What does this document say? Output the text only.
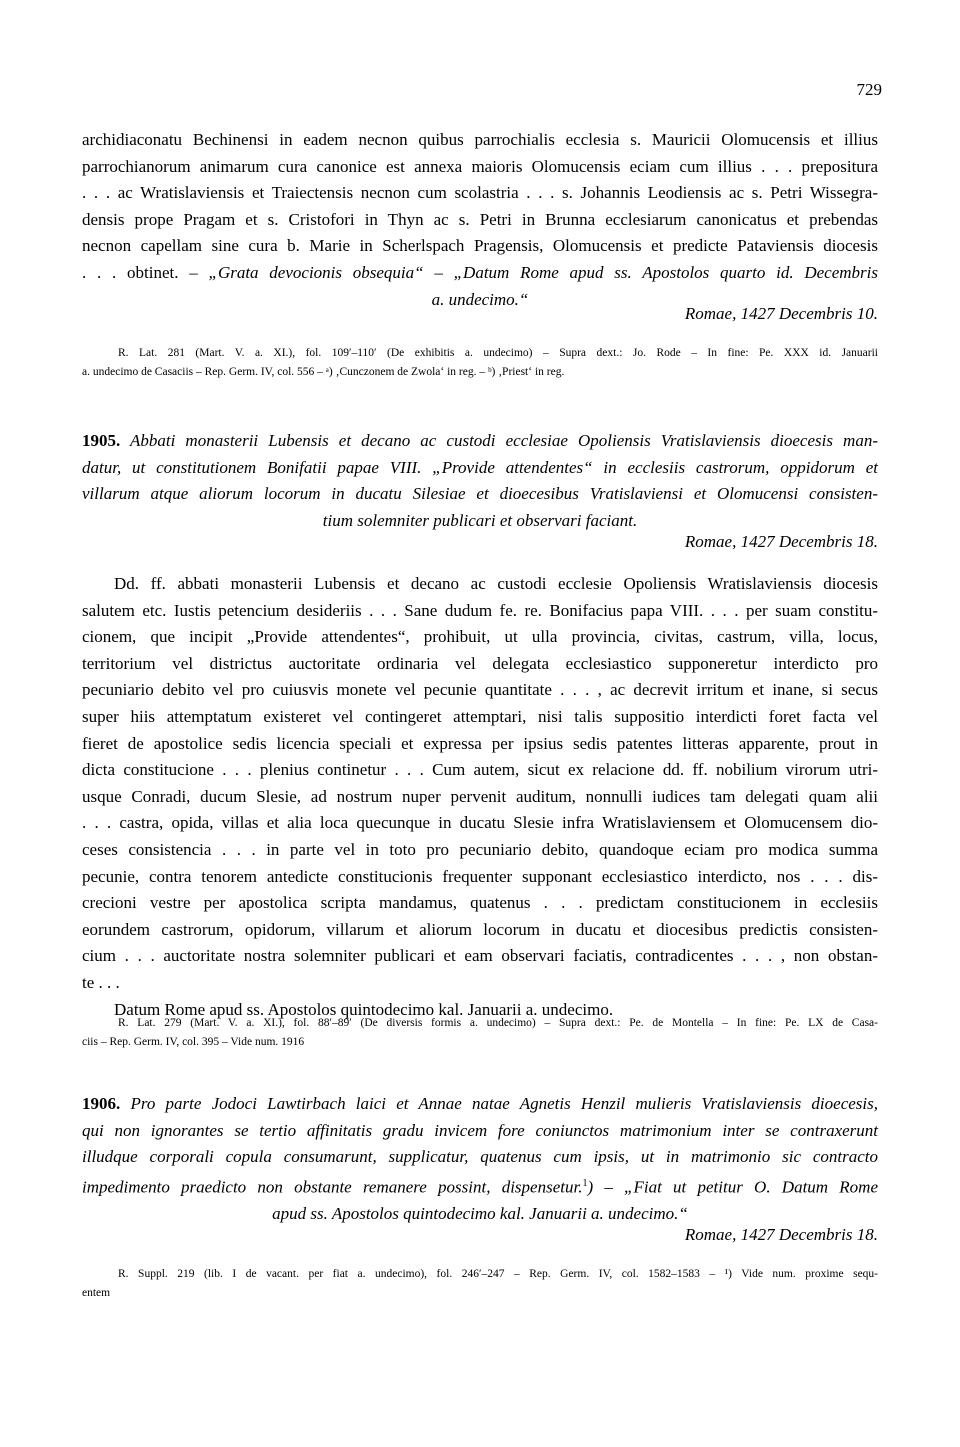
729

archidiaconatu Bechinensi in eadem necnon quibus parrochialis ecclesia s. Mauricii Olomucensis et illius
parrochianorum animarum cura canonice est annexa maioris Olomucensis eciam cum illius . . . prepositura
. . . ac Wratislaviensis et Traiectensis necnon cum scolastria . . . s. Johannis Leodiensis ac s. Petri Wissegra-
densis prope Pragam et s. Cristofori in Thyn ac s. Petri in Brunna ecclesiarum canonicatus et prebendas
necnon capellam sine cura b. Marie in Scherlspach Pragensis, Olomucensis et predicte Pataviensis diocesis
. . . obtinet. – „Grata devocionis obsequia“ – „Datum Rome apud ss. Apostolos quarto id. Decembris
a. undecimo.“

Romae, 1427 Decembris 10.

R. Lat. 281 (Mart. V. a. XI.), fol. 109′–110′ (De exhibitis a. undecimo) – Supra dext.: Jo. Rode – In fine: Pe. XXX id. Januarii
a. undecimo de Casaciis – Rep. Germ. IV, col. 556 – ᵃ) ‚Cunczonem de Zwola‘ in reg. – ᵇ) ‚Priest‘ in reg.

1905. Abbati monasterii Lubensis et decano ac custodi ecclesiae Opoliensis Vratislaviensis dioecesis man-
datur, ut constitutionem Bonifatii papae VIII. „Provide attendentes“ in ecclesiis castrorum, oppidorum et
villarum atque aliorum locorum in ducatu Silesiae et dioecesibus Vratislaviensi et Olomucensi consisten-
tium solemniter publicari et observari faciant.

Romae, 1427 Decembris 18.

Dd. ff. abbati monasterii Lubensis et decano ac custodi ecclesie Opoliensis Wratislaviensis diocesis
salutem etc. Iustis petencium desideriis . . . Sane dudum fe. re. Bonifacius papa VIII. . . . per suam constitu-
cionem, que incipit „Provide attendentes“, prohibuit, ut ulla provincia, civitas, castrum, villa, locus,
territorium vel districtus auctoritate ordinaria vel delegata ecclesiastico supponeretur interdicto pro
pecuniario debito vel pro cuiusvis monete vel pecunie quantitate . . . , ac decrevit irritum et inane, si secus
super hiis attemptatum existeret vel contingeret attemptari, nisi talis suppositio interdicti foret facta vel
fieret de apostolice sedis licencia speciali et expressa per ipsius sedis patentes litteras apparente, prout in
dicta constitucione . . . plenius continetur . . . Cum autem, sicut ex relacione dd. ff. nobilium virorum utri-
usque Conradi, ducum Slesie, ad nostrum nuper pervenit auditum, nonnulli iudices tam delegati quam alii
. . . castra, opida, villas et alia loca quecunque in ducatu Slesie infra Wratislaviensem et Olomucensem dio-
ceses consistencia . . . in parte vel in toto pro pecuniario debito, quandoque eciam pro modica summa
pecunie, contra tenorem antedicte constitucionis frequenter supponant ecclesiastico interdicto, nos . . . dis-
crecioni vestre per apostolica scripta mandamus, quatenus . . . predictam constitucionem in ecclesiis
eorundem castrorum, opidorum, villarum et aliorum locorum in ducatu et diocesibus predictis consisten-
cium . . . auctoritate nostra solemniter publicari et eam observari faciatis, contradicentes . . . , non obstan-
te . . .
Datum Rome apud ss. Apostolos quintodecimo kal. Januarii a. undecimo.

R. Lat. 279 (Mart. V. a. XI.), fol. 88′–89′ (De diversis formis a. undecimo) – Supra dext.: Pe. de Montella – In fine: Pe. LX de Casa-
ciis – Rep. Germ. IV, col. 395 – Vide num. 1916

1906. Pro parte Jodoci Lawtirbach laici et Annae natae Agnetis Henzil mulieris Vratislaviensis dioecesis,
qui non ignorantes se tertio affinitatis gradu invicem fore coniunctos matrimonium inter se contraxerunt
illudque corporali copula consumarunt, supplicatur, quatenus cum ipsis, ut in matrimonio sic contracto
impedimento praedicto non obstante remanere possint, dispensetur.$^1$) – „Fiat ut petitur O. Datum Rome
apud ss. Apostolos quintodecimo kal. Januarii a. undecimo.“

Romae, 1427 Decembris 18.

R. Suppl. 219 (lib. I de vacant. per fiat a. undecimo), fol. 246′–247 – Rep. Germ. IV, col. 1582–1583 – ¹) Vide num. proxime sequ-
entem
